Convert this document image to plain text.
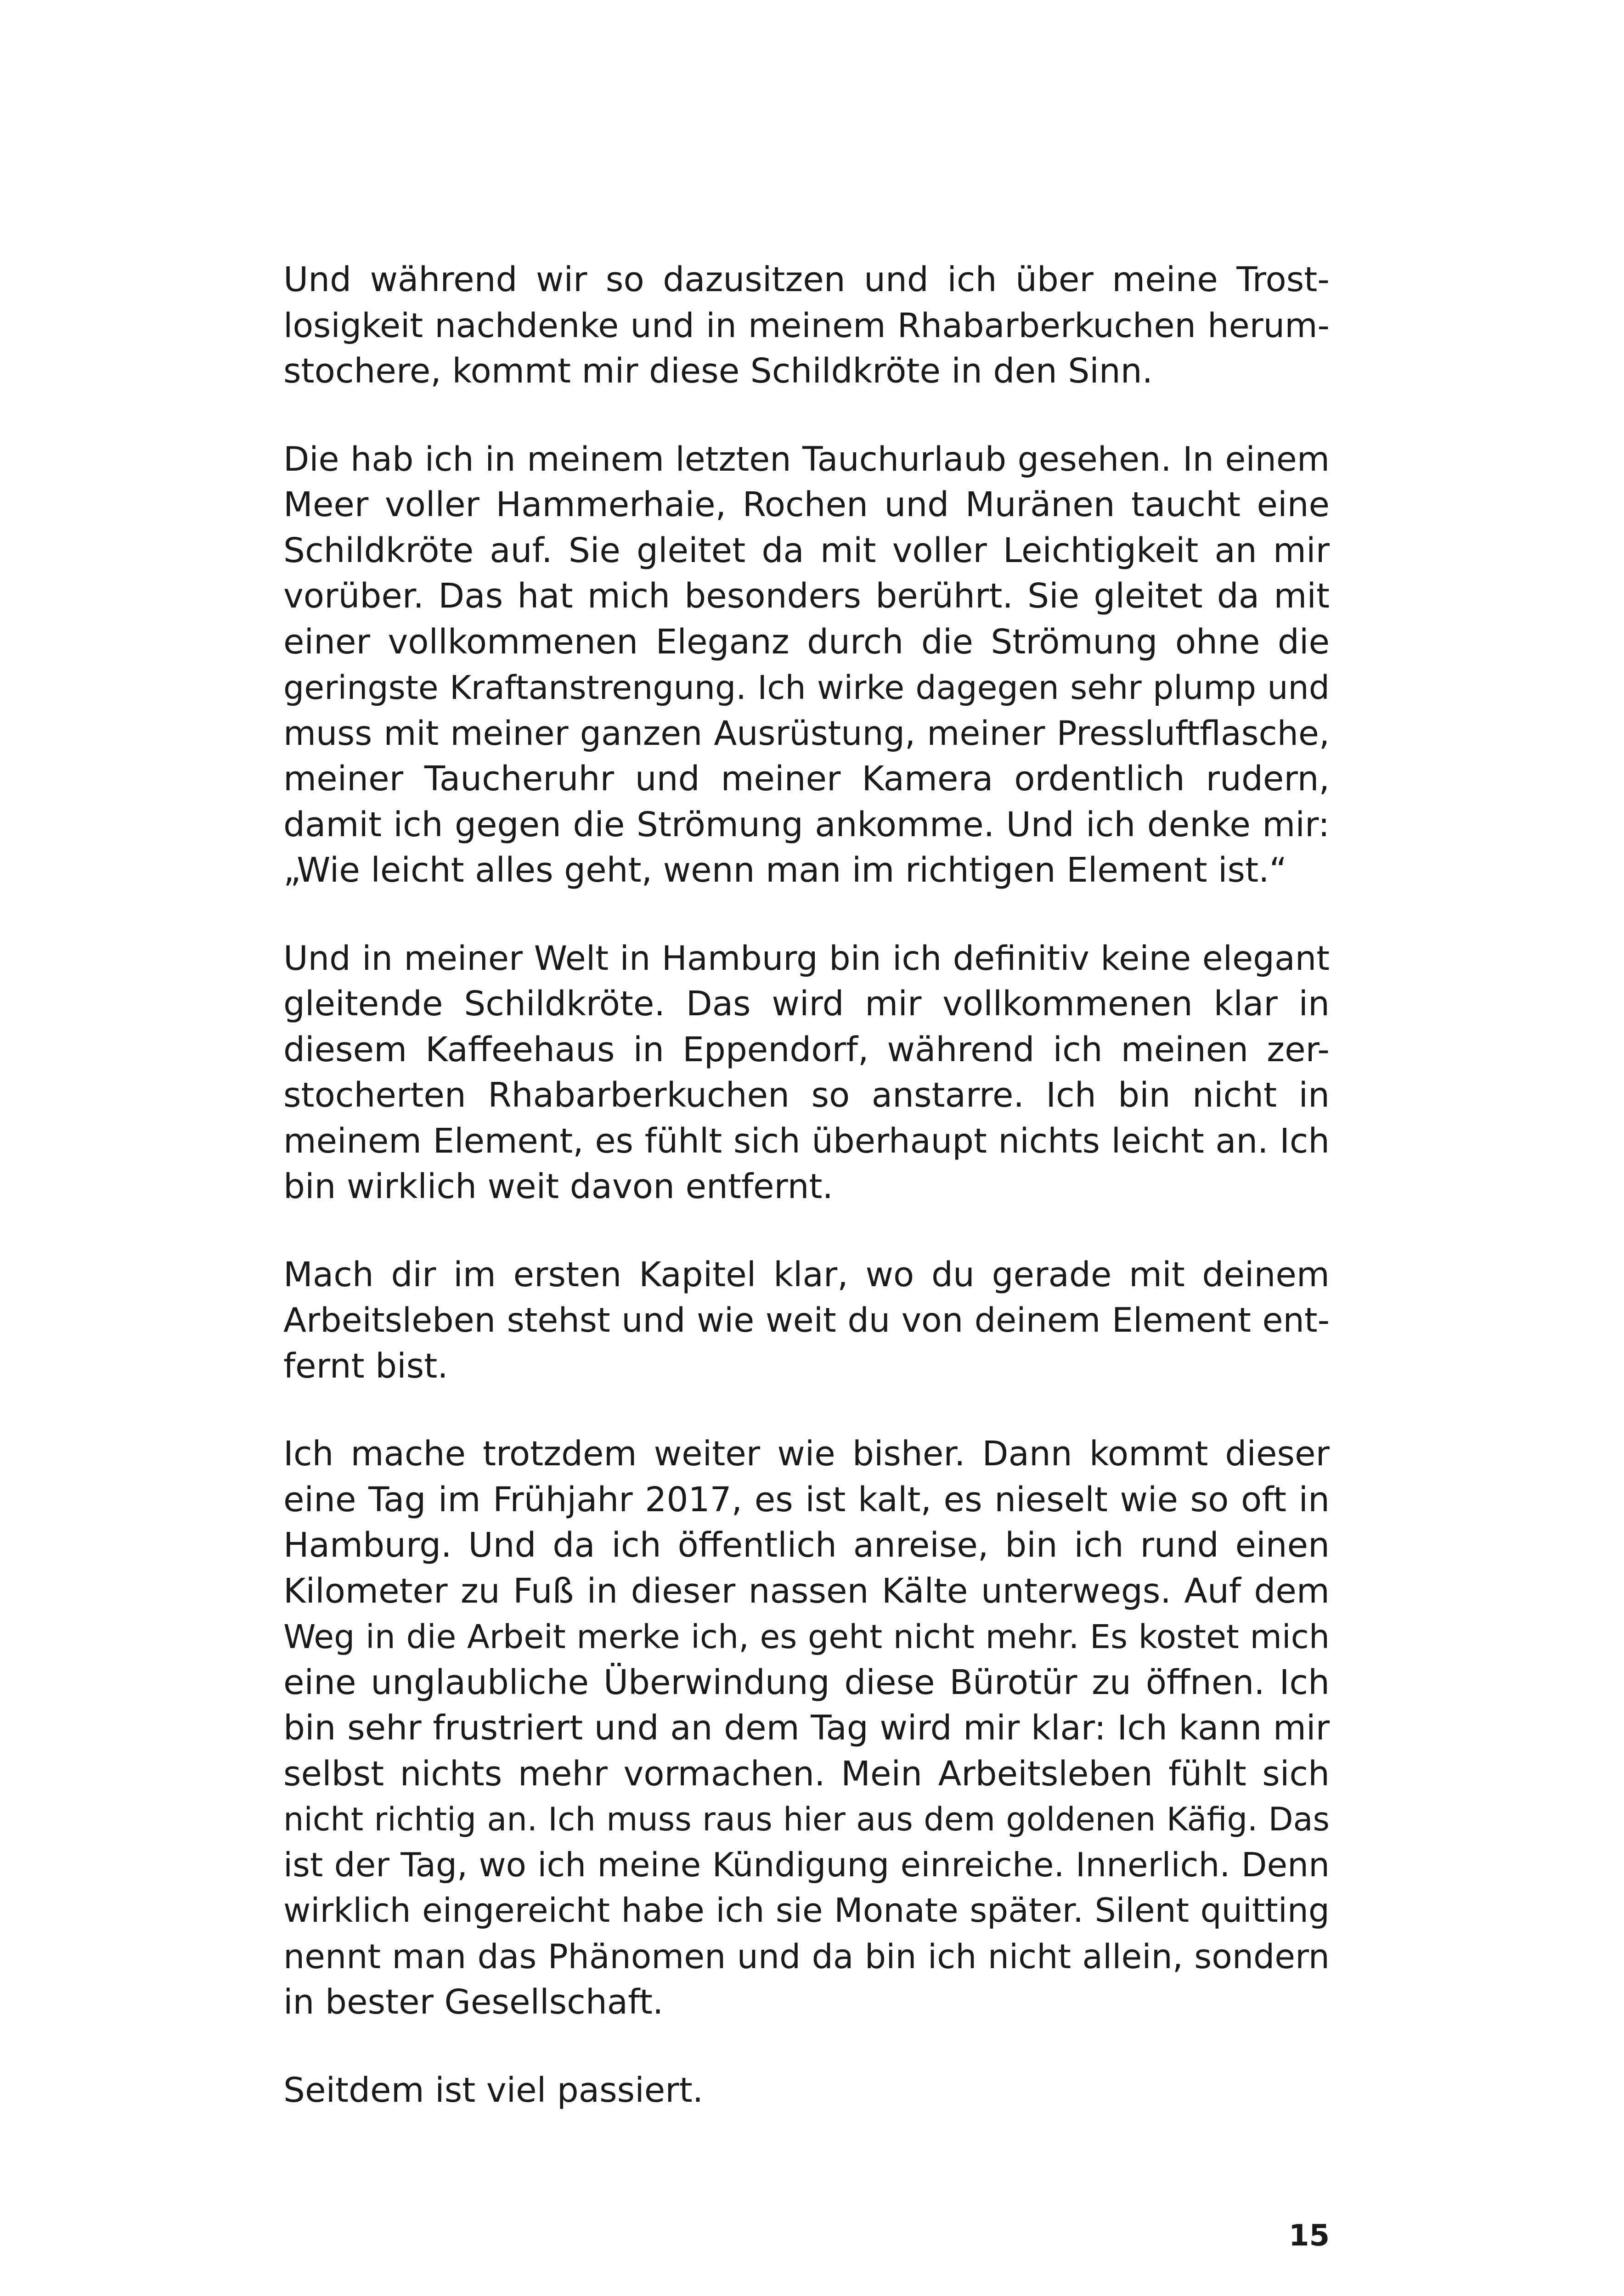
Und während wir so dazusitzen und ich über meine Trost-
losigkeit nachdenke und in meinem Rhabarberkuchen herum-
stochere, kommt mir diese Schildkröte in den Sinn.
Die hab ich in meinem letzten Tauchurlaub gesehen. In einem
Meer voller Hammerhaie, Rochen und Muränen taucht eine
Schildkröte auf. Sie gleitet da mit voller Leichtigkeit an mir
vorüber. Das hat mich besonders berührt. Sie gleitet da mit
einer vollkommenen Eleganz durch die Strömung ohne die
geringste Kraftanstrengung. Ich wirke dagegen sehr plump und
muss mit meiner ganzen Ausrüstung, meiner Pressluftflasche,
meiner Taucheruhr und meiner Kamera ordentlich rudern,
damit ich gegen die Strömung ankomme. Und ich denke mir:
„Wie leicht alles geht, wenn man im richtigen Element ist.“
Und in meiner Welt in Hamburg bin ich definitiv keine elegant
gleitende Schildkröte. Das wird mir vollkommenen klar in
diesem Kaffeehaus in Eppendorf, während ich meinen zer-
stocherten Rhabarberkuchen so anstarre. Ich bin nicht in
meinem Element, es fühlt sich überhaupt nichts leicht an. Ich
bin wirklich weit davon entfernt.
Mach dir im ersten Kapitel klar, wo du gerade mit deinem
Arbeitsleben stehst und wie weit du von deinem Element ent-
fernt bist.
Ich mache trotzdem weiter wie bisher. Dann kommt dieser
eine Tag im Frühjahr 2017, es ist kalt, es nieselt wie so oft in
Hamburg. Und da ich öffentlich anreise, bin ich rund einen
Kilometer zu Fuß in dieser nassen Kälte unterwegs. Auf dem
Weg in die Arbeit merke ich, es geht nicht mehr. Es kostet mich
eine unglaubliche Überwindung diese Bürotür zu öffnen. Ich
bin sehr frustriert und an dem Tag wird mir klar: Ich kann mir
selbst nichts mehr vormachen. Mein Arbeitsleben fühlt sich
nicht richtig an. Ich muss raus hier aus dem goldenen Käfig. Das
ist der Tag, wo ich meine Kündigung einreiche. Innerlich. Denn
wirklich eingereicht habe ich sie Monate später. Silent quitting
nennt man das Phänomen und da bin ich nicht allein, sondern
in bester Gesellschaft.
Seitdem ist viel passiert.
15
